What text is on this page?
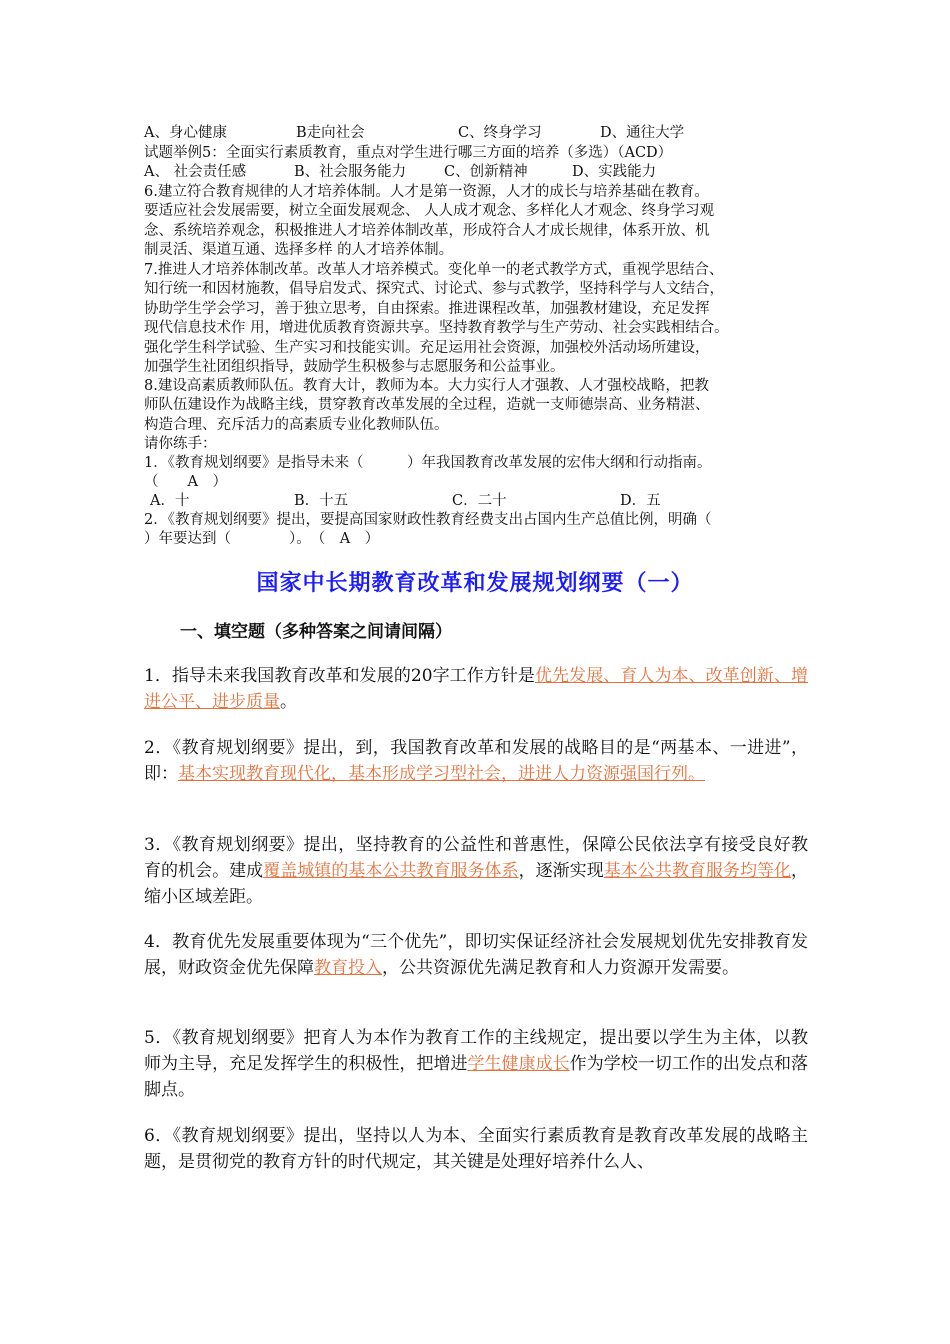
A、身心健康	B走向社会	C、终身学习	D、通往大学
试题举例5：全面实行素质教育，重点对学生进行哪三方面的培养（多选）（ACD）
A、 社会责任感	B、社会服务能力	C、创新精神	D、实践能力
6.建立符合教育规律的人才培养体制。人才是第一资源，人才的成长与培养基础在教育。
要适应社会发展需要，树立全面发展观念、 人人成才观念、多样化人才观念、终身学习观
念、系统培养观念，积极推进人才培养体制改革，形成符合人才成长规律，体系开放、机
制灵活、渠道互通、选择多样 的人才培养体制。
7.推进人才培养体制改革。改革人才培养模式。变化单一的老式教学方式，重视学思结合、
知行统一和因材施教，倡导启发式、探究式、讨论式、参与式教学，坚持科学与人文结合，
协助学生学会学习，善于独立思考，自由探索。推进课程改革，加强教材建设，充足发挥
现代信息技术作 用，增进优质教育资源共享。坚持教育教学与生产劳动、社会实践相结合。
强化学生科学试验、生产实习和技能实训。充足运用社会资源，加强校外活动场所建设，
加强学生社团组织指导，鼓励学生积极参与志愿服务和公益事业。
8.建设高素质教师队伍。教育大计，教师为本。大力实行人才强教、人才强校战略，把教
师队伍建设作为战略主线，贯穿教育改革发展的全过程，造就一支师德崇高、业务精湛、
构造合理、充斥活力的高素质专业化教师队伍。
请你练手：
1．《教育规划纲要》是指导未来（　　　）年我国教育改革发展的宏伟大纲和行动指南。
（　　A　）
A．十	B．十五	C．二十	D．五
2．《教育规划纲要》提出，要提高国家财政性教育经费支出占国内生产总值比例，明确（
）年要达到（　　　　）。　（　A　）
国家中长期教育改革和发展规划纲要（一）
一、填空题（多种答案之间请间隔）
1．指导未来我国教育改革和发展的20字工作方针是优先发展、育人为本、改革创新、增进公平、进步质量。
2．《教育规划纲要》提出，到，我国教育改革和发展的战略目的是“两基本、一进进”，即：基本实现教育现代化，基本形成学习型社会，进进人力资源强国行列。
3．《教育规划纲要》提出，坚持教育的公益性和普惠性，保障公民依法享有接受良好教育的机会。建成覆盖城镇的基本公共教育服务体系，逐渐实现基本公共教育服务均等化，缩小区域差距。
4．教育优先发展重要体现为“三个优先”，即切实保证经济社会发展规划优先安排教育发展，财政资金优先保障教育投入，公共资源优先满足教育和人力资源开发需要。
5．《教育规划纲要》把育人为本作为教育工作的主线规定，提出要以学生为主体，以教师为主导，充足发挥学生的积极性，把增进学生健康成长作为学校一切工作的出发点和落脚点。
6．《教育规划纲要》提出，坚持以人为本、全面实行素质教育是教育改革发展的战略主题，是贯彻党的教育方针的时代规定，其关键是处理好培养什么人、
